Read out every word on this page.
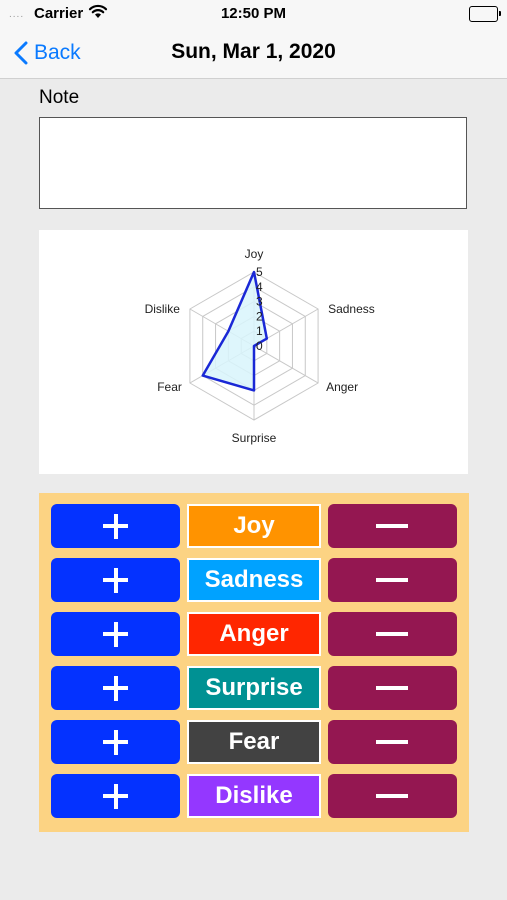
.... Carrier	12:50 PM
Back	Sun, Mar 1, 2020
Note
0
1
2
3
4
5
Joy
Sadness
Anger
Surprise
Fear
Dislike
Joy
Sadness
Anger
Surprise
Fear
Dislike
